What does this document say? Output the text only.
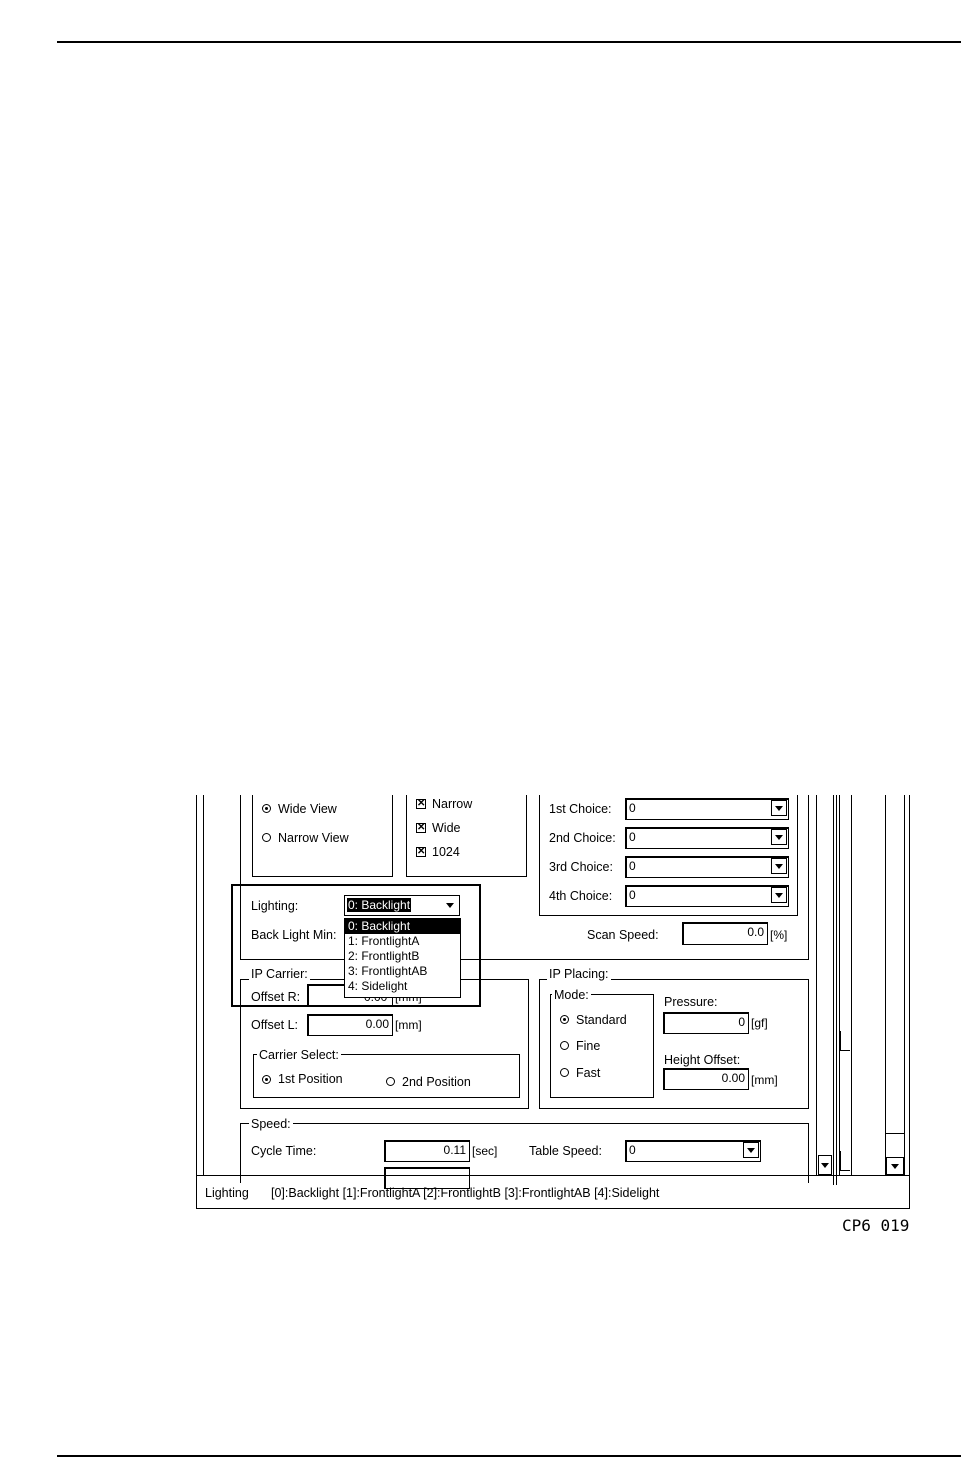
Wide View
Narrow View
✕ Narrow
✕ Wide
✕ 1024
1st Choice:	0
2nd Choice:	0
3rd Choice:	0
4th Choice:	0
Scan Speed:	0.0 [%]
Lighting:
Back Light Min:
IP Carrier:
Offset R:
Offset L:	0.00 [mm]
Carrier Select:
1st Position	2nd Position
IP Placing:
Mode:
Standard
Fine
Fast
Pressure:
0 [gf]
Height Offset:
0.00 [mm]
Speed:
Cycle Time:	0.11 [sec]	Table Speed:	0
Lighting [0]:Backlight [1]:FrontlightA [2]:FrontlightB [3]:FrontlightAB [4]:Sidelight
0: Backlight
0: Backlight
1: FrontlightA
2: FrontlightB
3: FrontlightAB
4: Sidelight
CP6 019
